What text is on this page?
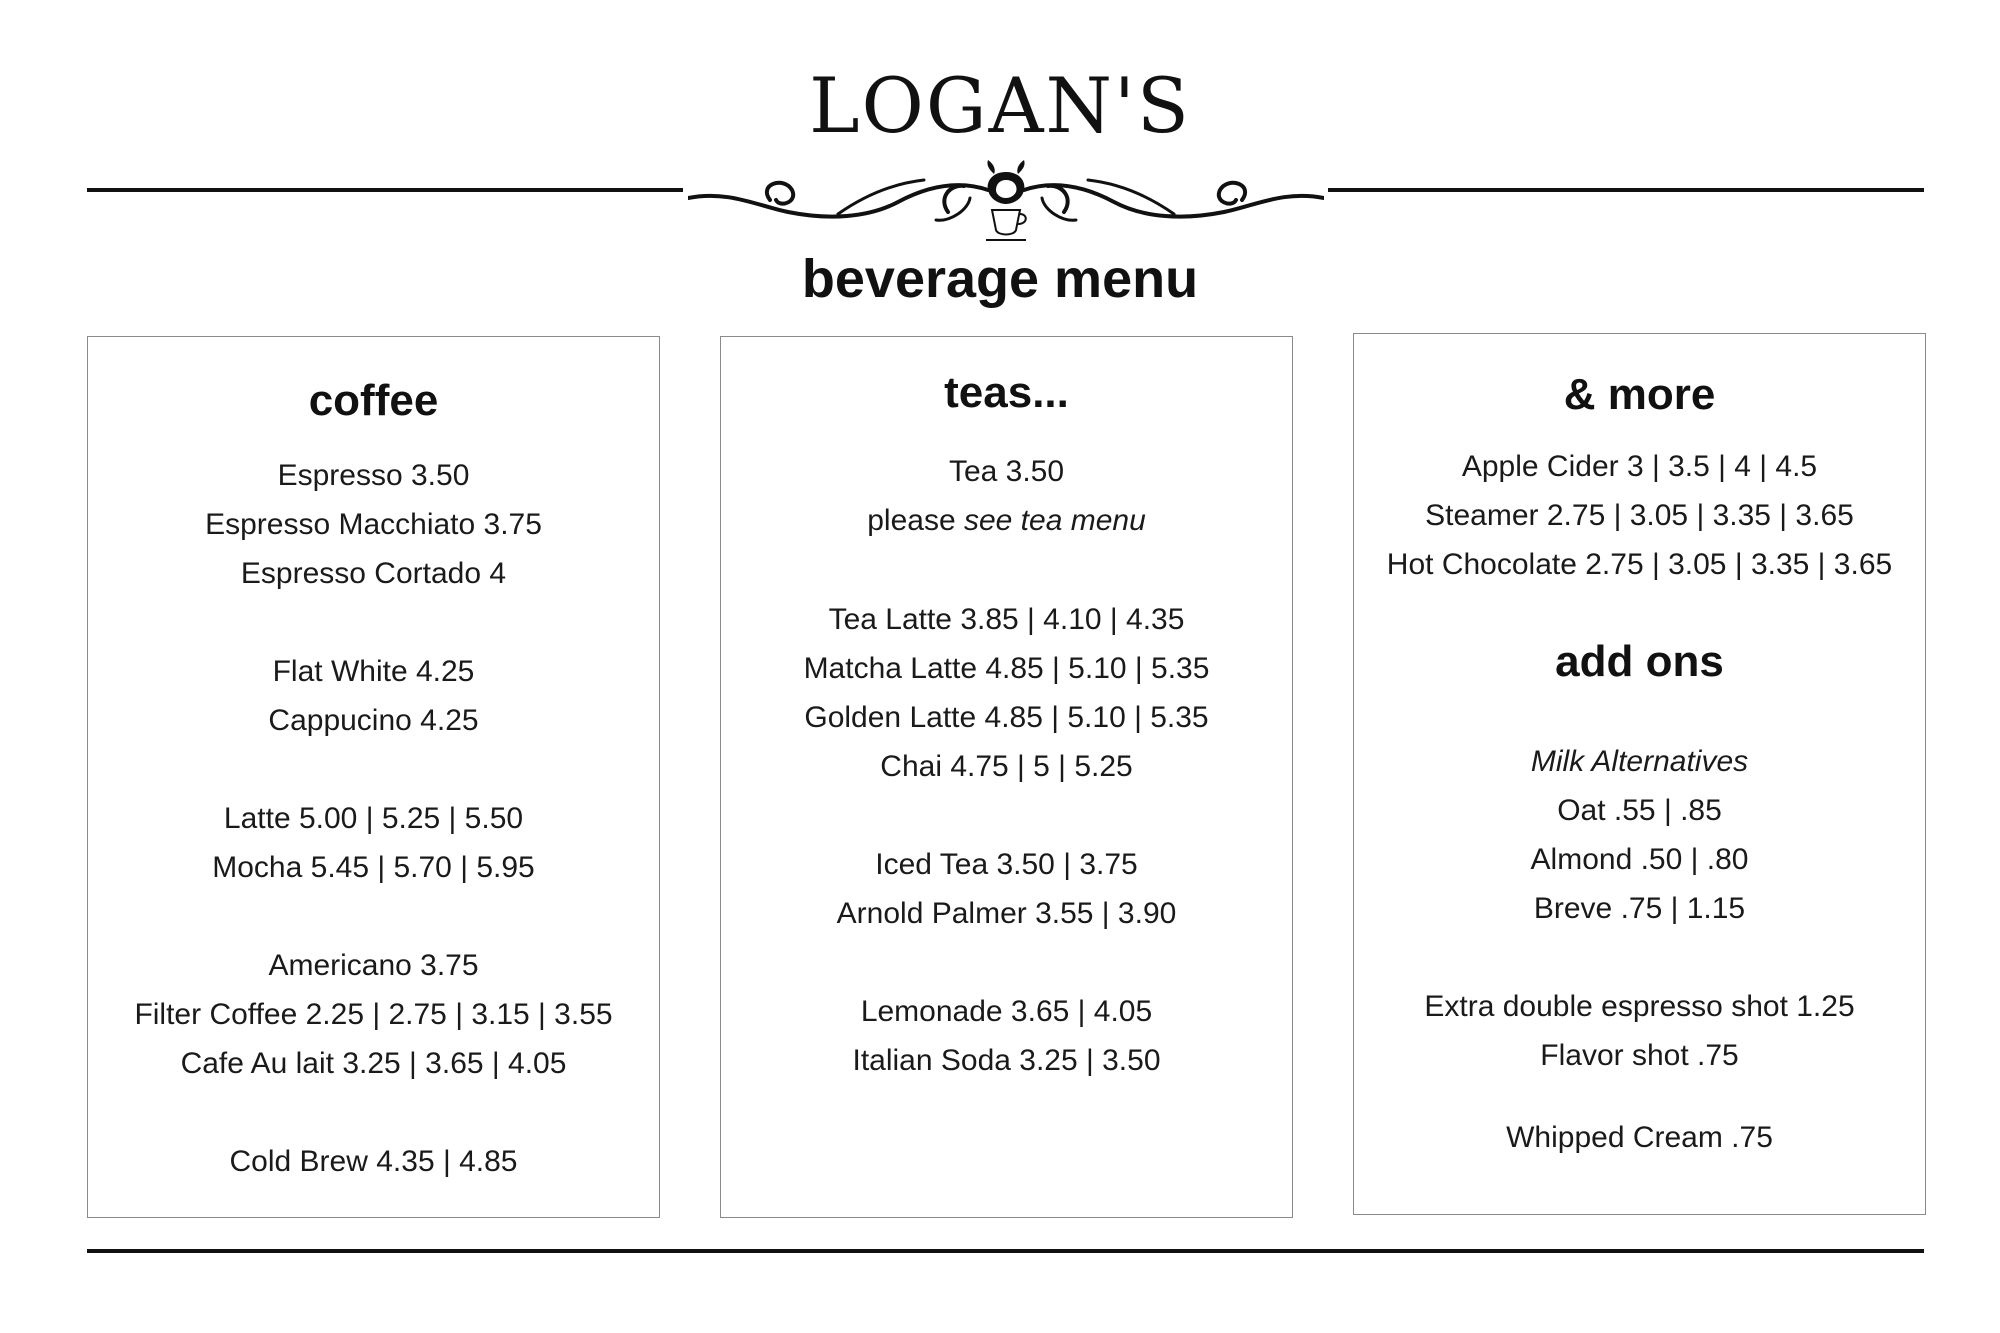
LOGAN'S
beverage menu
coffee
Espresso 3.50
Espresso Macchiato 3.75
Espresso Cortado 4
Flat White 4.25
Cappucino 4.25
Latte 5.00 | 5.25 | 5.50
Mocha 5.45 | 5.70 | 5.95
Americano 3.75
Filter Coffee 2.25 | 2.75 | 3.15 | 3.55
Cafe Au lait 3.25 | 3.65 | 4.05
Cold Brew 4.35 | 4.85
teas...
Tea 3.50
please see tea menu
Tea Latte 3.85 | 4.10 | 4.35
Matcha Latte 4.85 | 5.10 | 5.35
Golden Latte 4.85 | 5.10 | 5.35
Chai 4.75 | 5 | 5.25
Iced Tea 3.50 | 3.75
Arnold Palmer 3.55 | 3.90
Lemonade 3.65 | 4.05
Italian Soda 3.25 | 3.50
& more
Apple Cider 3 | 3.5 | 4 | 4.5
Steamer 2.75 | 3.05 | 3.35 | 3.65
Hot Chocolate 2.75 | 3.05 | 3.35 | 3.65
add ons
Milk Alternatives
Oat .55 | .85
Almond .50 | .80
Breve .75 | 1.15
Extra double espresso shot 1.25
Flavor shot .75
Whipped Cream .75
